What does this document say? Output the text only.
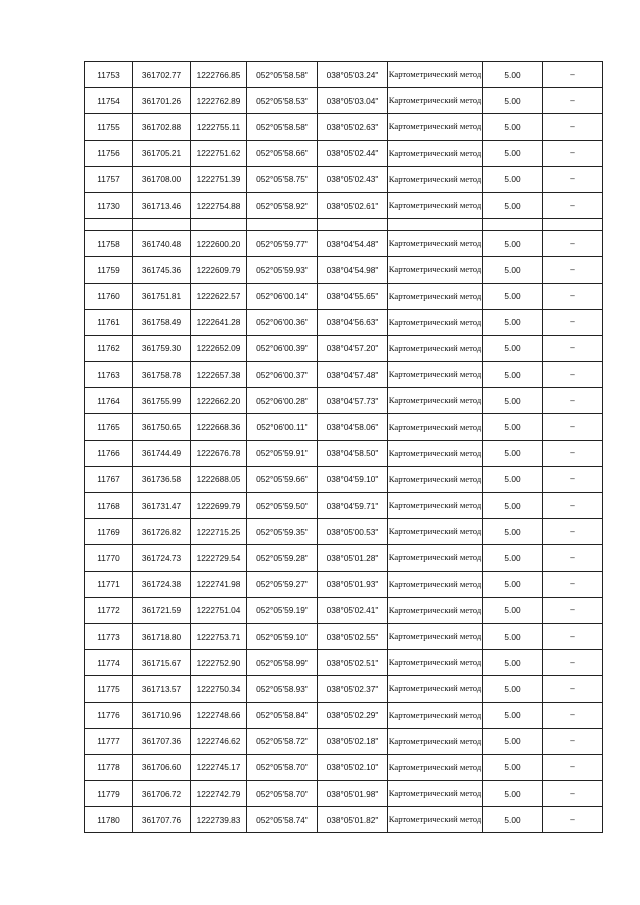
11753	361702.77	1222766.85	052°05'58.58"	038°05'03.24"	Картометрический метод	5.00	–
11754	361701.26	1222762.89	052°05'58.53"	038°05'03.04"	Картометрический метод	5.00	–
11755	361702.88	1222755.11	052°05'58.58"	038°05'02.63"	Картометрический метод	5.00	–
11756	361705.21	1222751.62	052°05'58.66"	038°05'02.44"	Картометрический метод	5.00	–
11757	361708.00	1222751.39	052°05'58.75"	038°05'02.43"	Картометрический метод	5.00	–
11730	361713.46	1222754.88	052°05'58.92"	038°05'02.61"	Картометрический метод	5.00	–

11758	361740.48	1222600.20	052°05'59.77"	038°04'54.48"	Картометрический метод	5.00	–
11759	361745.36	1222609.79	052°05'59.93"	038°04'54.98"	Картометрический метод	5.00	–
11760	361751.81	1222622.57	052°06'00.14"	038°04'55.65"	Картометрический метод	5.00	–
11761	361758.49	1222641.28	052°06'00.36"	038°04'56.63"	Картометрический метод	5.00	–
11762	361759.30	1222652.09	052°06'00.39"	038°04'57.20"	Картометрический метод	5.00	–
11763	361758.78	1222657.38	052°06'00.37"	038°04'57.48"	Картометрический метод	5.00	–
11764	361755.99	1222662.20	052°06'00.28"	038°04'57.73"	Картометрический метод	5.00	–
11765	361750.65	1222668.36	052°06'00.11"	038°04'58.06"	Картометрический метод	5.00	–
11766	361744.49	1222676.78	052°05'59.91"	038°04'58.50"	Картометрический метод	5.00	–
11767	361736.58	1222688.05	052°05'59.66"	038°04'59.10"	Картометрический метод	5.00	–
11768	361731.47	1222699.79	052°05'59.50"	038°04'59.71"	Картометрический метод	5.00	–
11769	361726.82	1222715.25	052°05'59.35"	038°05'00.53"	Картометрический метод	5.00	–
11770	361724.73	1222729.54	052°05'59.28"	038°05'01.28"	Картометрический метод	5.00	–
11771	361724.38	1222741.98	052°05'59.27"	038°05'01.93"	Картометрический метод	5.00	–
11772	361721.59	1222751.04	052°05'59.19"	038°05'02.41"	Картометрический метод	5.00	–
11773	361718.80	1222753.71	052°05'59.10"	038°05'02.55"	Картометрический метод	5.00	–
11774	361715.67	1222752.90	052°05'58.99"	038°05'02.51"	Картометрический метод	5.00	–
11775	361713.57	1222750.34	052°05'58.93"	038°05'02.37"	Картометрический метод	5.00	–
11776	361710.96	1222748.66	052°05'58.84"	038°05'02.29"	Картометрический метод	5.00	–
11777	361707.36	1222746.62	052°05'58.72"	038°05'02.18"	Картометрический метод	5.00	–
11778	361706.60	1222745.17	052°05'58.70"	038°05'02.10"	Картометрический метод	5.00	–
11779	361706.72	1222742.79	052°05'58.70"	038°05'01.98"	Картометрический метод	5.00	–
11780	361707.76	1222739.83	052°05'58.74"	038°05'01.82"	Картометрический метод	5.00	–
